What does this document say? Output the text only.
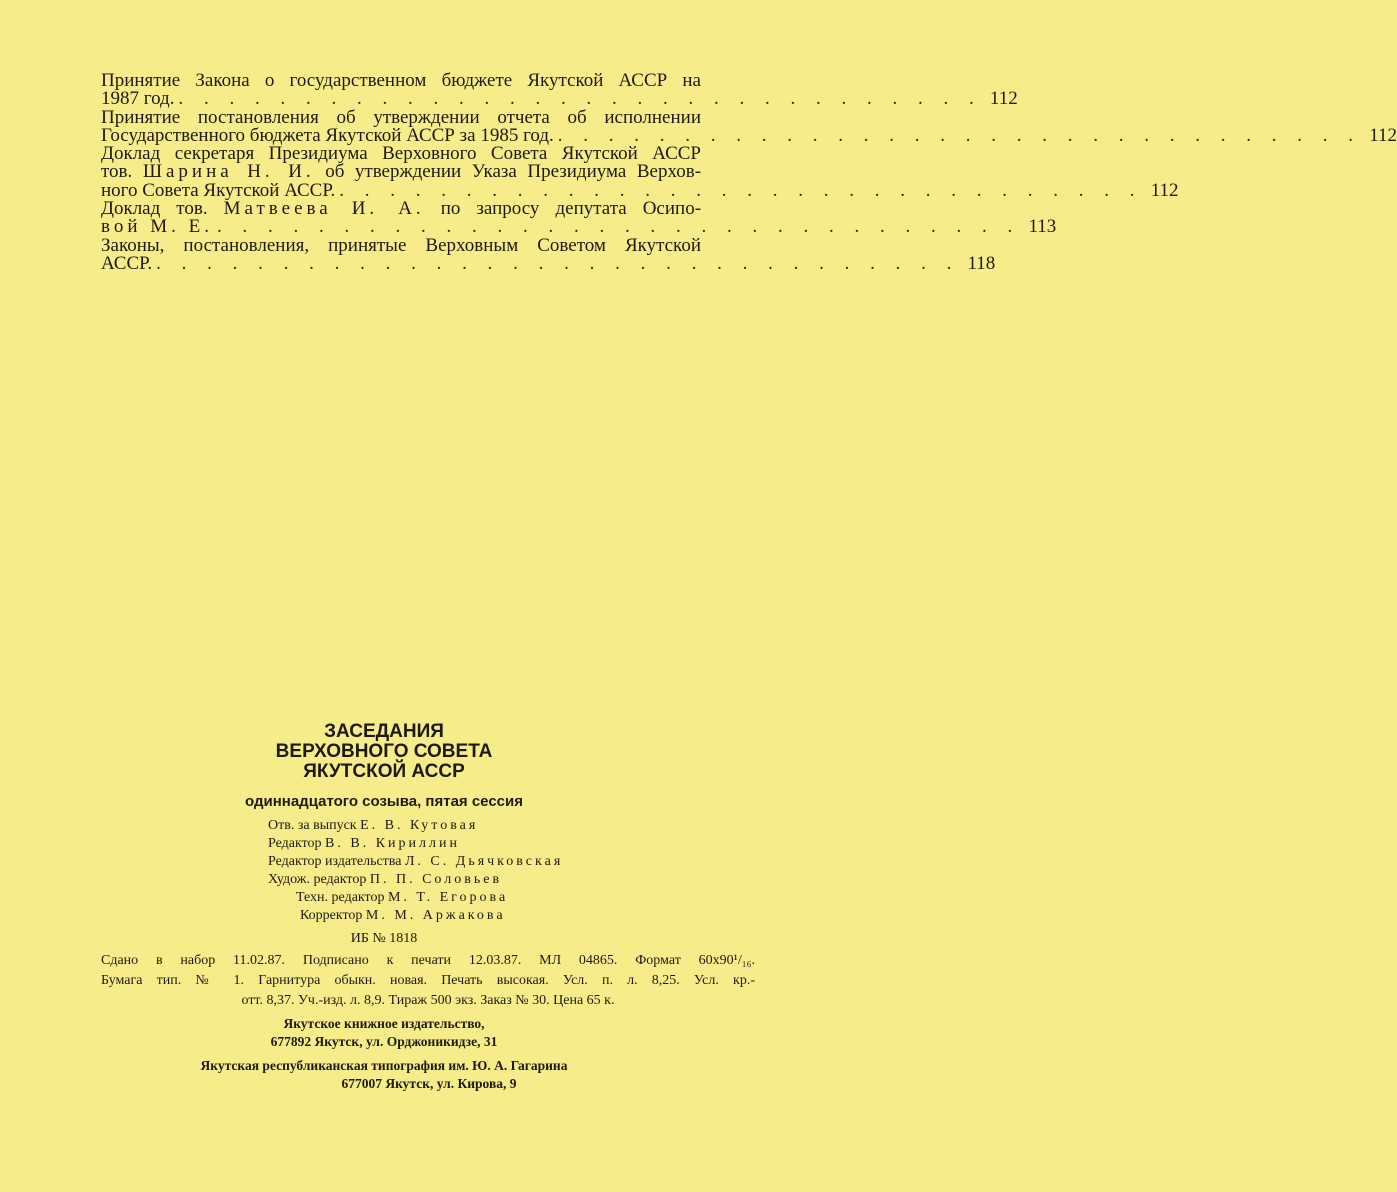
Принятие Закона о государственном бюджете Якутской АССР на
1987 год. . . . . . . . . . . . . . . . . . . . . . . . . . . . . . . . . 112
Принятие постановления об утверждении отчета об исполнении
Государственного бюджета Якутской АССР за 1985 год. . . . . . . . . . . . . . . . . . . . . . . . . . . . . . . . . 112
Доклад секретаря Президиума Верховного Совета Якутской АССР
тов. Шарина Н. И. об утверждении Указа Президиума Верхов-
ного Совета Якутской АССР. . . . . . . . . . . . . . . . . . . . . . . . . . . . . . . . . 112
Доклад тов. Матвеева И. А. по запросу депутата Осипо-
вой М. Е. . . . . . . . . . . . . . . . . . . . . . . . . . . . . . . . . 113
Законы, постановления, принятые Верховным Советом Якутской
АССР. . . . . . . . . . . . . . . . . . . . . . . . . . . . . . . . . 118
ЗАСЕДАНИЯ
ВЕРХОВНОГО СОВЕТА
ЯКУТСКОЙ АССР
одиннадцатого созыва, пятая сессия
Отв. за выпуск Е. В. Кутовая
Редактор В. В. Кириллин
Редактор издательства Л. С. Дьячковская
Худож. редактор П. П. Соловьев
Техн. редактор М. Т. Егорова
Корректор М. М. Аржакова
ИБ № 1818
Сдано в набор 11.02.87. Подписано к печати 12.03.87. МЛ 04865. Формат 60x90¹/₁₆.
Бумага тип. № 1. Гарнитура обыкн. новая. Печать высокая. Усл. п. л. 8,25. Усл. кр.-
отт. 8,37. Уч.-изд. л. 8,9. Тираж 500 экз. Заказ № 30. Цена 65 к.
Якутское книжное издательство,
677892 Якутск, ул. Орджоникидзе, 31
Якутская республиканская типография им. Ю. А. Гагарина
677007 Якутск, ул. Кирова, 9
